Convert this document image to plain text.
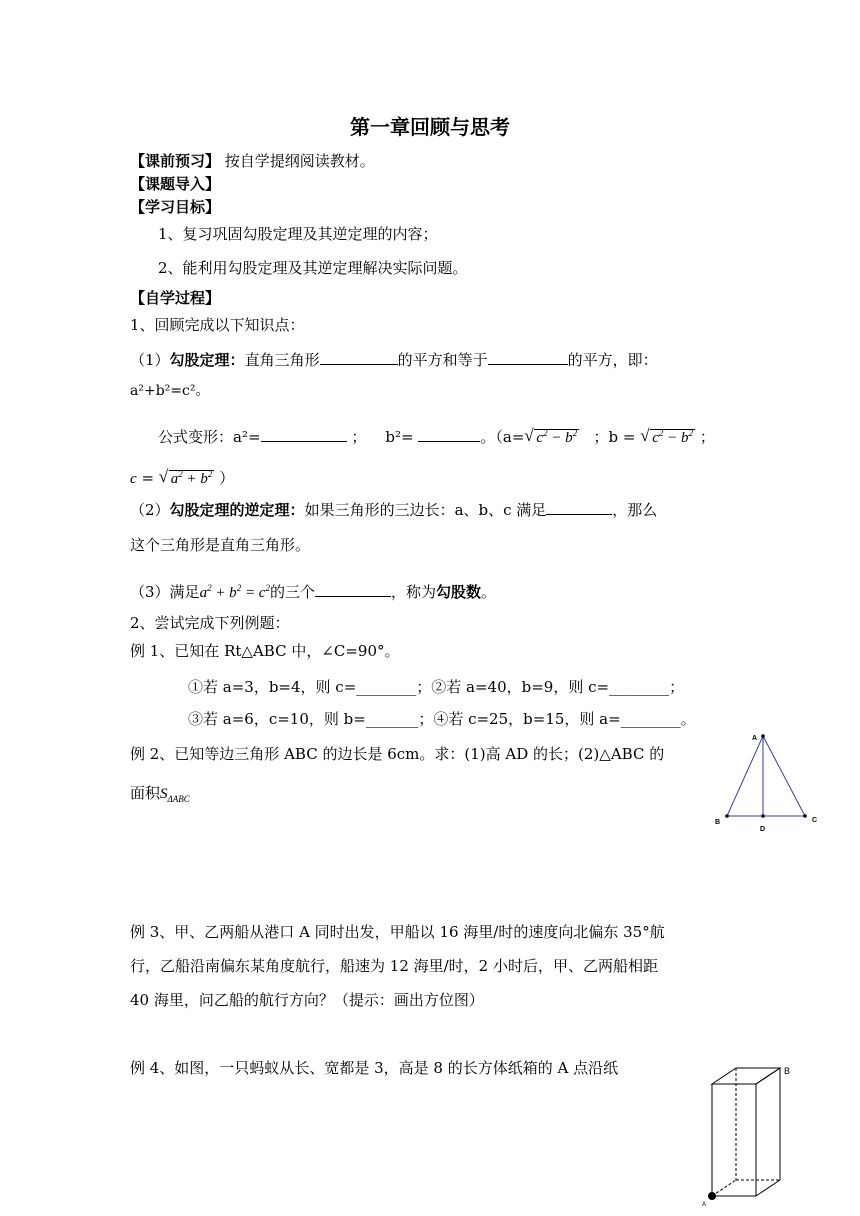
第一章回顾与思考
【课前预习】 按自学提纲阅读教材。
【课题导入】
【学习目标】
1、复习巩固勾股定理及其逆定理的内容；
2、能利用勾股定理及其逆定理解决实际问题。
【自学过程】
1、回顾完成以下知识点：
（1）勾股定理：直角三角形	的平方和等于	的平方，即：
a²+b²=c²。
公式变形：a²=	； b²=	。（a= √ $c^2 - b^2$ ；b = √ $c^2 - b^2$ ；
c = √ $a^2 + b^2$ ）
（2）勾股定理的逆定理：如果三角形的三边长：a、b、c 满足	，那么
这个三角形是直角三角形。
（3）满足$a^2 + b^2 = c^2$的三个	，称为勾股数。
2、尝试完成下列例题：
例 1、已知在 Rt△ABC 中，∠C=90°。
①若 a=3，b=4，则 c=________；②若 a=40，b=9，则 c=________；
③若 a=6，c=10，则 b=_______；④若 c=25，b=15，则 a=________。
例 2、已知等边三角形 ABC 的边长是 6cm。求：(1)高 AD 的长；(2)△ABC 的
面积$S_{\Delta ABC}$
A
B	C
D
例 3、甲、乙两船从港口 A 同时出发，甲船以 16 海里/时的速度向北偏东 35°航
行，乙船沿南偏东某角度航行，船速为 12 海里/时，2 小时后，甲、乙两船相距
40 海里，问乙船的航行方向？（提示：画出方位图）
例 4、如图，一只蚂蚁从长、宽都是 3，高是 8 的长方体纸箱的 A 点沿纸
A
B
